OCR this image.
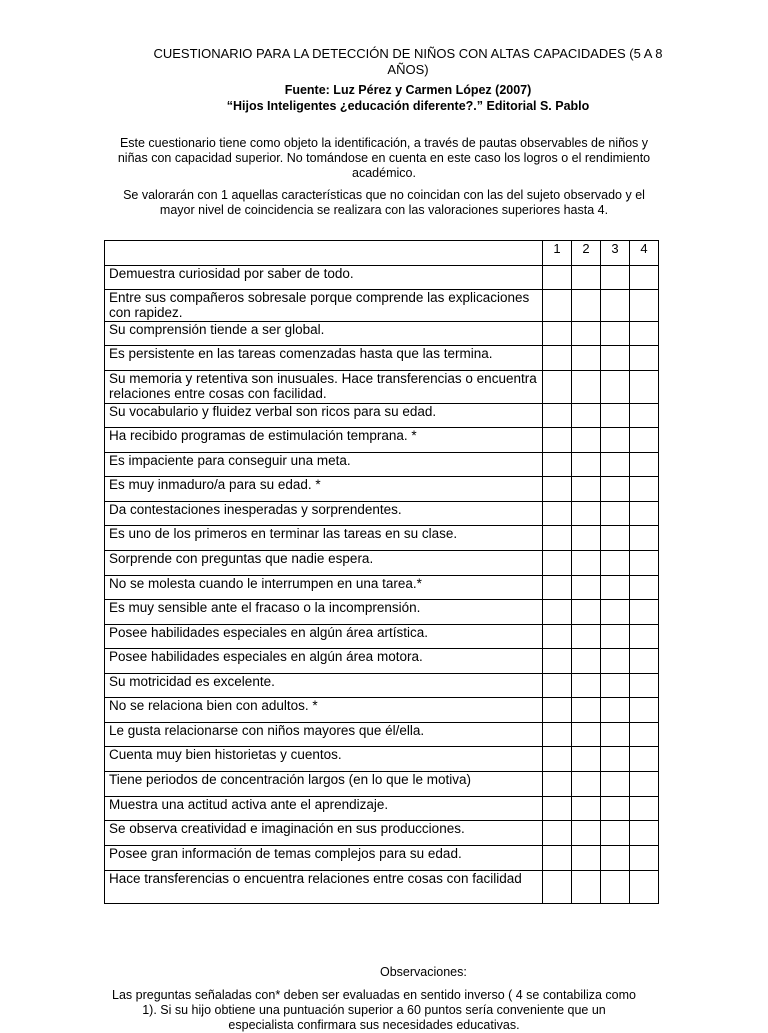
CUESTIONARIO PARA LA DETECCIÓN DE NIÑOS CON ALTAS CAPACIDADES (5 A 8 AÑOS)
Fuente: Luz Pérez y Carmen López (2007)
“Hijos Inteligentes ¿educación diferente?.” Editorial S. Pablo
Este cuestionario tiene como objeto la identificación, a través de pautas observables de niños y niñas con capacidad superior. No tomándose en cuenta en este caso los logros o el rendimiento académico.
Se valorarán con 1 aquellas características que no coincidan con las del sujeto observado y el mayor nivel de coincidencia se realizara con las valoraciones superiores hasta 4.
	1	2	3	4
Demuestra curiosidad por saber de todo.				
Entre sus compañeros sobresale porque comprende las explicaciones con rapidez.				
Su comprensión tiende a ser global.				
Es persistente en las tareas comenzadas hasta que las termina.				
Su memoria y retentiva son inusuales. Hace transferencias o encuentra relaciones entre cosas con facilidad.				
Su vocabulario y fluidez verbal son ricos para su edad.				
Ha recibido programas de estimulación temprana. *				
Es impaciente para conseguir una meta.				
Es muy inmaduro/a para su edad. *				
Da contestaciones inesperadas y sorprendentes.				
Es uno de los primeros en terminar las tareas en su clase.				
Sorprende con preguntas que nadie espera.				
No se molesta cuando le interrumpen en una tarea.*				
Es muy sensible ante el fracaso o la incomprensión.				
Posee habilidades especiales en algún área artística.				
Posee habilidades especiales en algún área motora.				
Su motricidad es excelente.				
No se relaciona bien con adultos. *				
Le gusta relacionarse con niños mayores que él/ella.				
Cuenta muy bien historietas y cuentos.				
Tiene periodos de concentración largos (en lo que le motiva)				
Muestra una actitud activa ante el aprendizaje.				
Se observa creatividad e imaginación en sus producciones.				
Posee gran información de temas complejos para su edad.				
Hace transferencias o encuentra relaciones entre cosas con facilidad				
Observaciones:
Las preguntas señaladas con* deben ser evaluadas en sentido inverso ( 4 se contabiliza como 1). Si su hijo obtiene una puntuación superior a 60 puntos sería conveniente que un especialista confirmara sus necesidades educativas.
